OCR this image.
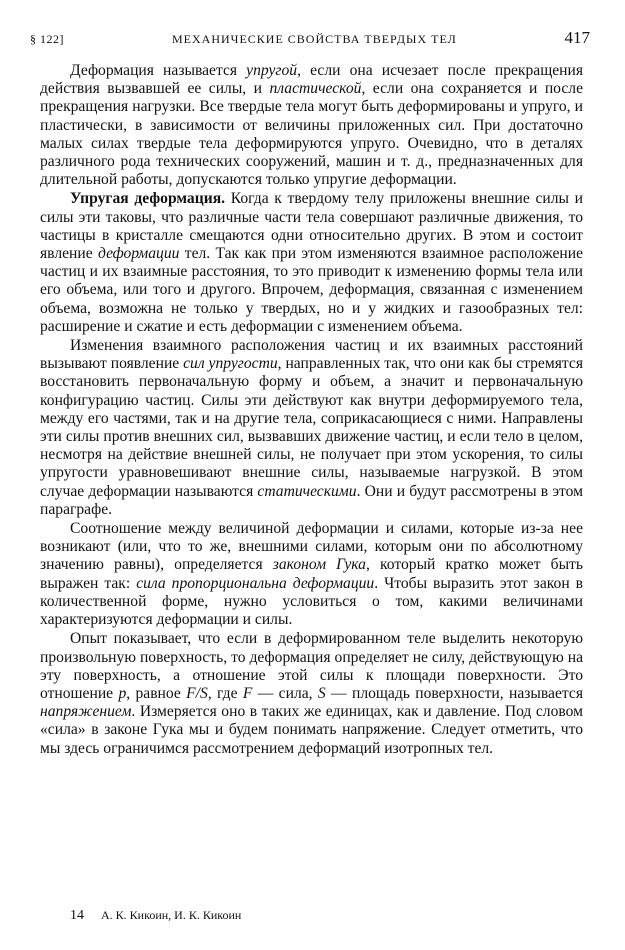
§ 122]	МЕХАНИЧЕСКИЕ СВОЙСТВА ТВЕРДЫХ ТЕЛ	417

Деформация называется упругой, если она исчезает после прекращения действия вызвавшей ее силы, и пластической, если она сохраняется и после прекращения нагрузки. Все твердые тела могут быть деформированы и упруго, и пластически, в зависимости от величины приложенных сил. При достаточно малых силах твердые тела деформируются упруго. Очевидно, что в деталях различного рода технических сооружений, машин и т. д., предназначенных для длительной работы, допускаются только упругие деформации.

Упругая деформация. Когда к твердому телу приложены внешние силы и силы эти таковы, что различные части тела совершают различные движения, то частицы в кристалле смещаются одни относительно других. В этом и состоит явление деформации тел. Так как при этом изменяются взаимное расположение частиц и их взаимные расстояния, то это приводит к изменению формы тела или его объема, или того и другого. Впрочем, деформация, связанная с изменением объема, возможна не только у твердых, но и у жидких и газообразных тел: расширение и сжатие и есть деформации с изменением объема.

Изменения взаимного расположения частиц и их взаимных расстояний вызывают появление сил упругости, направленных так, что они как бы стремятся восстановить первоначальную форму и объем, а значит и первоначальную конфигурацию частиц. Силы эти действуют как внутри деформируемого тела, между его частями, так и на другие тела, соприкасающиеся с ними. Направлены эти силы против внешних сил, вызвавших движение частиц, и если тело в целом, несмотря на действие внешней силы, не получает при этом ускорения, то силы упругости уравновешивают внешние силы, называемые нагрузкой. В этом случае деформации называются статическими. Они и будут рассмотрены в этом параграфе.

Соотношение между величиной деформации и силами, которые из-за нее возникают (или, что то же, внешними силами, которым они по абсолютному значению равны), определяется законом Гука, который кратко может быть выражен так: сила пропорциональна деформации. Чтобы выразить этот закон в количественной форме, нужно условиться о том, какими величинами характеризуются деформации и силы.

Опыт показывает, что если в деформированном теле выделить некоторую произвольную поверхность, то деформация определяет не силу, действующую на эту поверхность, а отношение этой силы к площади поверхности. Это отношение p, равное F/S, где F — сила, S — площадь поверхности, называется напряжением. Измеряется оно в таких же единицах, как и давление. Под словом «сила» в законе Гука мы и будем понимать напряжение. Следует отметить, что мы здесь ограничимся рассмотрением деформаций изотропных тел.

14 А. К. Кикоин, И. К. Кикоин
